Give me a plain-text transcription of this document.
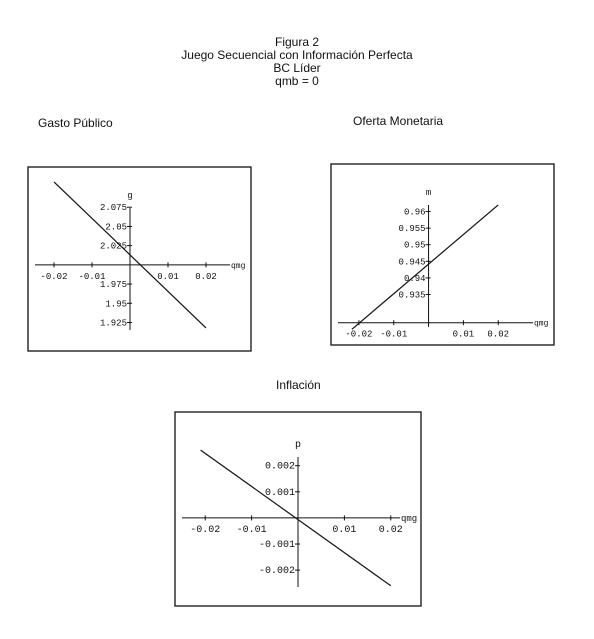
Figura 2
Juego Secuencial con Información Perfecta
BC Líder
qmb = 0
Gasto Público	Oferta Monetaria
Inflación
qmg
g
-0.02 -0.01	0.01 0.02
2.075
2.05
2.025
1.975
1.95
1.925	qmg
m
-0.02 -0.01	0.01 0.02
0.96
0.955
0.95
0.945
0.94
0.935
qmg
p
-0.02 -0.01	0.01 0.02
0.002
0.001
-0.001
-0.002
